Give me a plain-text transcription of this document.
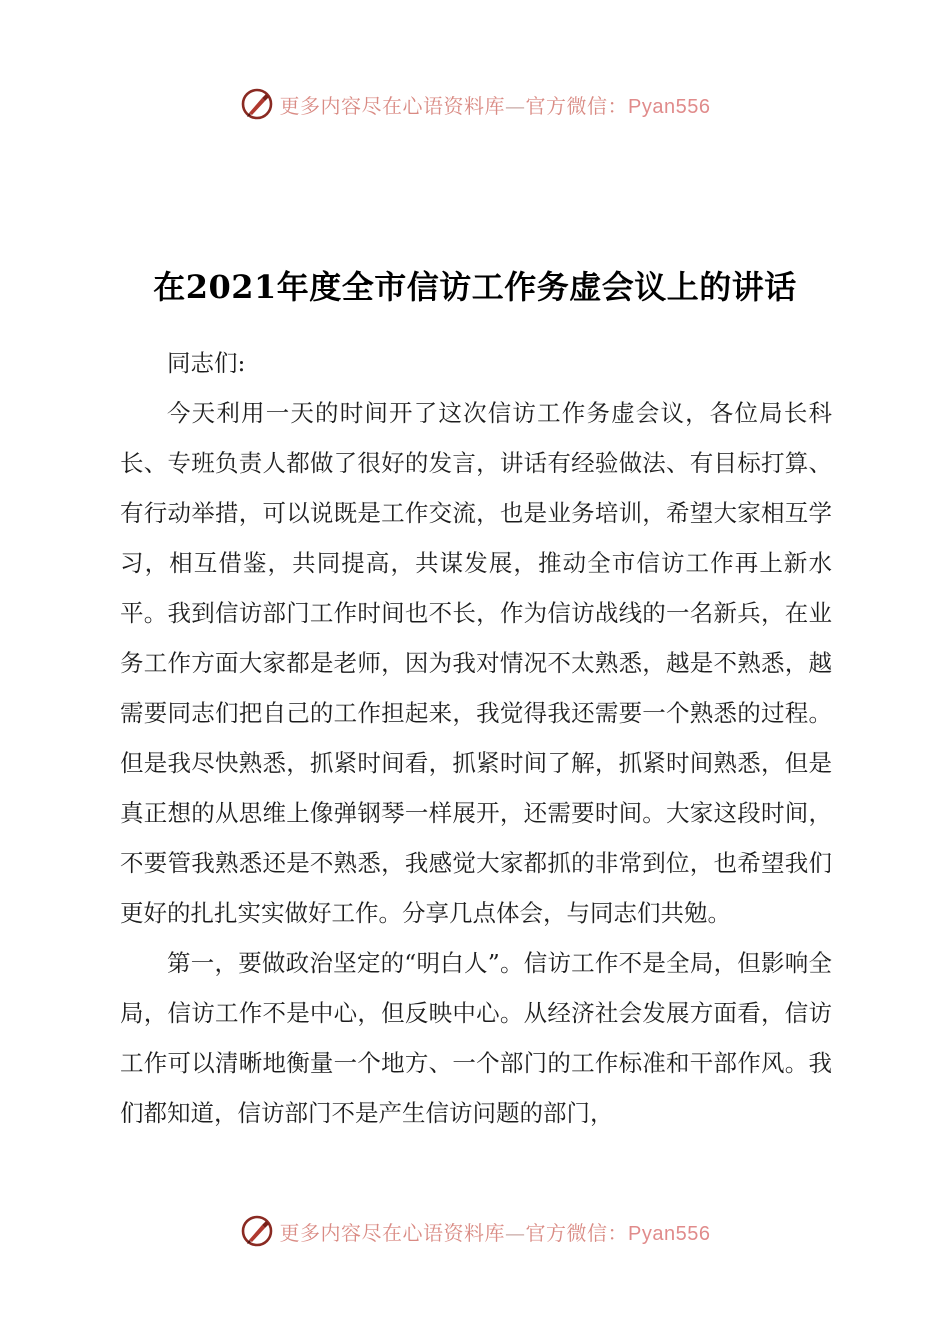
更多内容尽在心语资料库—官方微信：Pyan556
在2021年度全市信访工作务虚会议上的讲话

同志们:

今天利用一天的时间开了这次信访工作务虚会议，各位局长科长、专班负责人都做了很好的发言，讲话有经验做法、有目标打算、有行动举措，可以说既是工作交流，也是业务培训，希望大家相互学习，相互借鉴，共同提高，共谋发展，推动全市信访工作再上新水平。我到信访部门工作时间也不长，作为信访战线的一名新兵，在业务工作方面大家都是老师，因为我对情况不太熟悉，越是不熟悉，越需要同志们把自己的工作担起来，我觉得我还需要一个熟悉的过程。但是我尽快熟悉，抓紧时间看，抓紧时间了解，抓紧时间熟悉，但是真正想的从思维上像弹钢琴一样展开，还需要时间。大家这段时间，不要管我熟悉还是不熟悉，我感觉大家都抓的非常到位，也希望我们更好的扎扎实实做好工作。分享几点体会，与同志们共勉。

第一，要做政治坚定的“明白人”。信访工作不是全局，但影响全局，信访工作不是中心，但反映中心。从经济社会发展方面看，信访工作可以清晰地衡量一个地方、一个部门的工作标准和干部作风。我们都知道，信访部门不是产生信访问题的部门，

更多内容尽在心语资料库—官方微信：Pyan556
